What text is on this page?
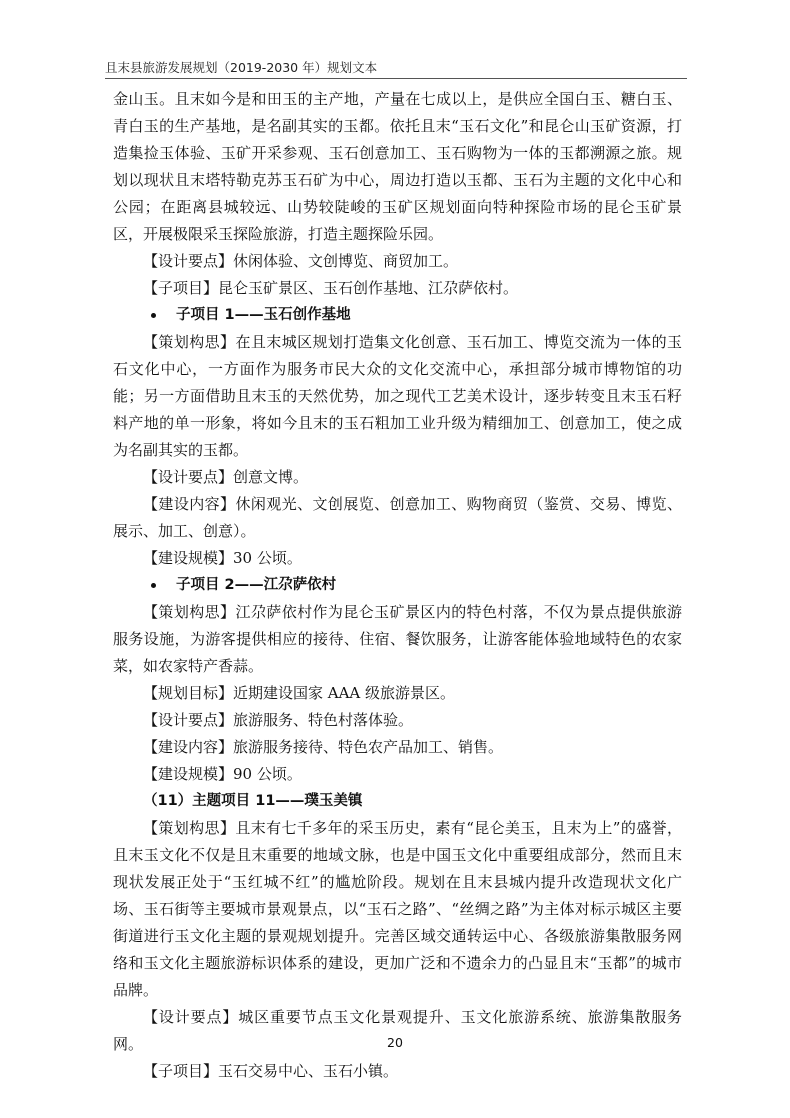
且末县旅游发展规划（2019-2030 年）规划文本

金山玉。且末如今是和田玉的主产地，产量在七成以上，是供应全国白玉、糖白玉、青白玉的生产基地，是名副其实的玉都。依托且末“玉石文化”和昆仑山玉矿资源，打造集捡玉体验、玉矿开采参观、玉石创意加工、玉石购物为一体的玉都溯源之旅。规划以现状且末塔特勒克苏玉石矿为中心，周边打造以玉都、玉石为主题的文化中心和公园；在距离县城较远、山势较陡峻的玉矿区规划面向特种探险市场的昆仑玉矿景区，开展极限采玉探险旅游，打造主题探险乐园。

【设计要点】休闲体验、文创博览、商贸加工。

【子项目】昆仑玉矿景区、玉石创作基地、江尕萨依村。

子项目 1——玉石创作基地

【策划构思】在且末城区规划打造集文化创意、玉石加工、博览交流为一体的玉石文化中心，一方面作为服务市民大众的文化交流中心，承担部分城市博物馆的功能；另一方面借助且末玉的天然优势，加之现代工艺美术设计，逐步转变且末玉石籽料产地的单一形象，将如今且末的玉石粗加工业升级为精细加工、创意加工，使之成为名副其实的玉都。

【设计要点】创意文博。

【建设内容】休闲观光、文创展览、创意加工、购物商贸（鉴赏、交易、博览、展示、加工、创意）。

【建设规模】30 公顷。

子项目 2——江尕萨依村

【策划构思】江尕萨依村作为昆仑玉矿景区内的特色村落，不仅为景点提供旅游服务设施，为游客提供相应的接待、住宿、餐饮服务，让游客能体验地域特色的农家菜，如农家特产香蒜。

【规划目标】近期建设国家 AAA 级旅游景区。

【设计要点】旅游服务、特色村落体验。

【建设内容】旅游服务接待、特色农产品加工、销售。

【建设规模】90 公顷。

（11）主题项目 11——璞玉美镇

【策划构思】且末有七千多年的采玉历史，素有“昆仑美玉，且末为上”的盛誉，且末玉文化不仅是且末重要的地域文脉，也是中国玉文化中重要组成部分，然而且末现状发展正处于“玉红城不红”的尴尬阶段。规划在且末县城内提升改造现状文化广场、玉石街等主要城市景观景点，以“玉石之路”、“丝绸之路”为主体对标示城区主要街道进行玉文化主题的景观规划提升。完善区域交通转运中心、各级旅游集散服务网络和玉文化主题旅游标识体系的建设，更加广泛和不遗余力的凸显且末“玉都”的城市品牌。

【设计要点】城区重要节点玉文化景观提升、玉文化旅游系统、旅游集散服务网。

【子项目】玉石交易中心、玉石小镇。

20
